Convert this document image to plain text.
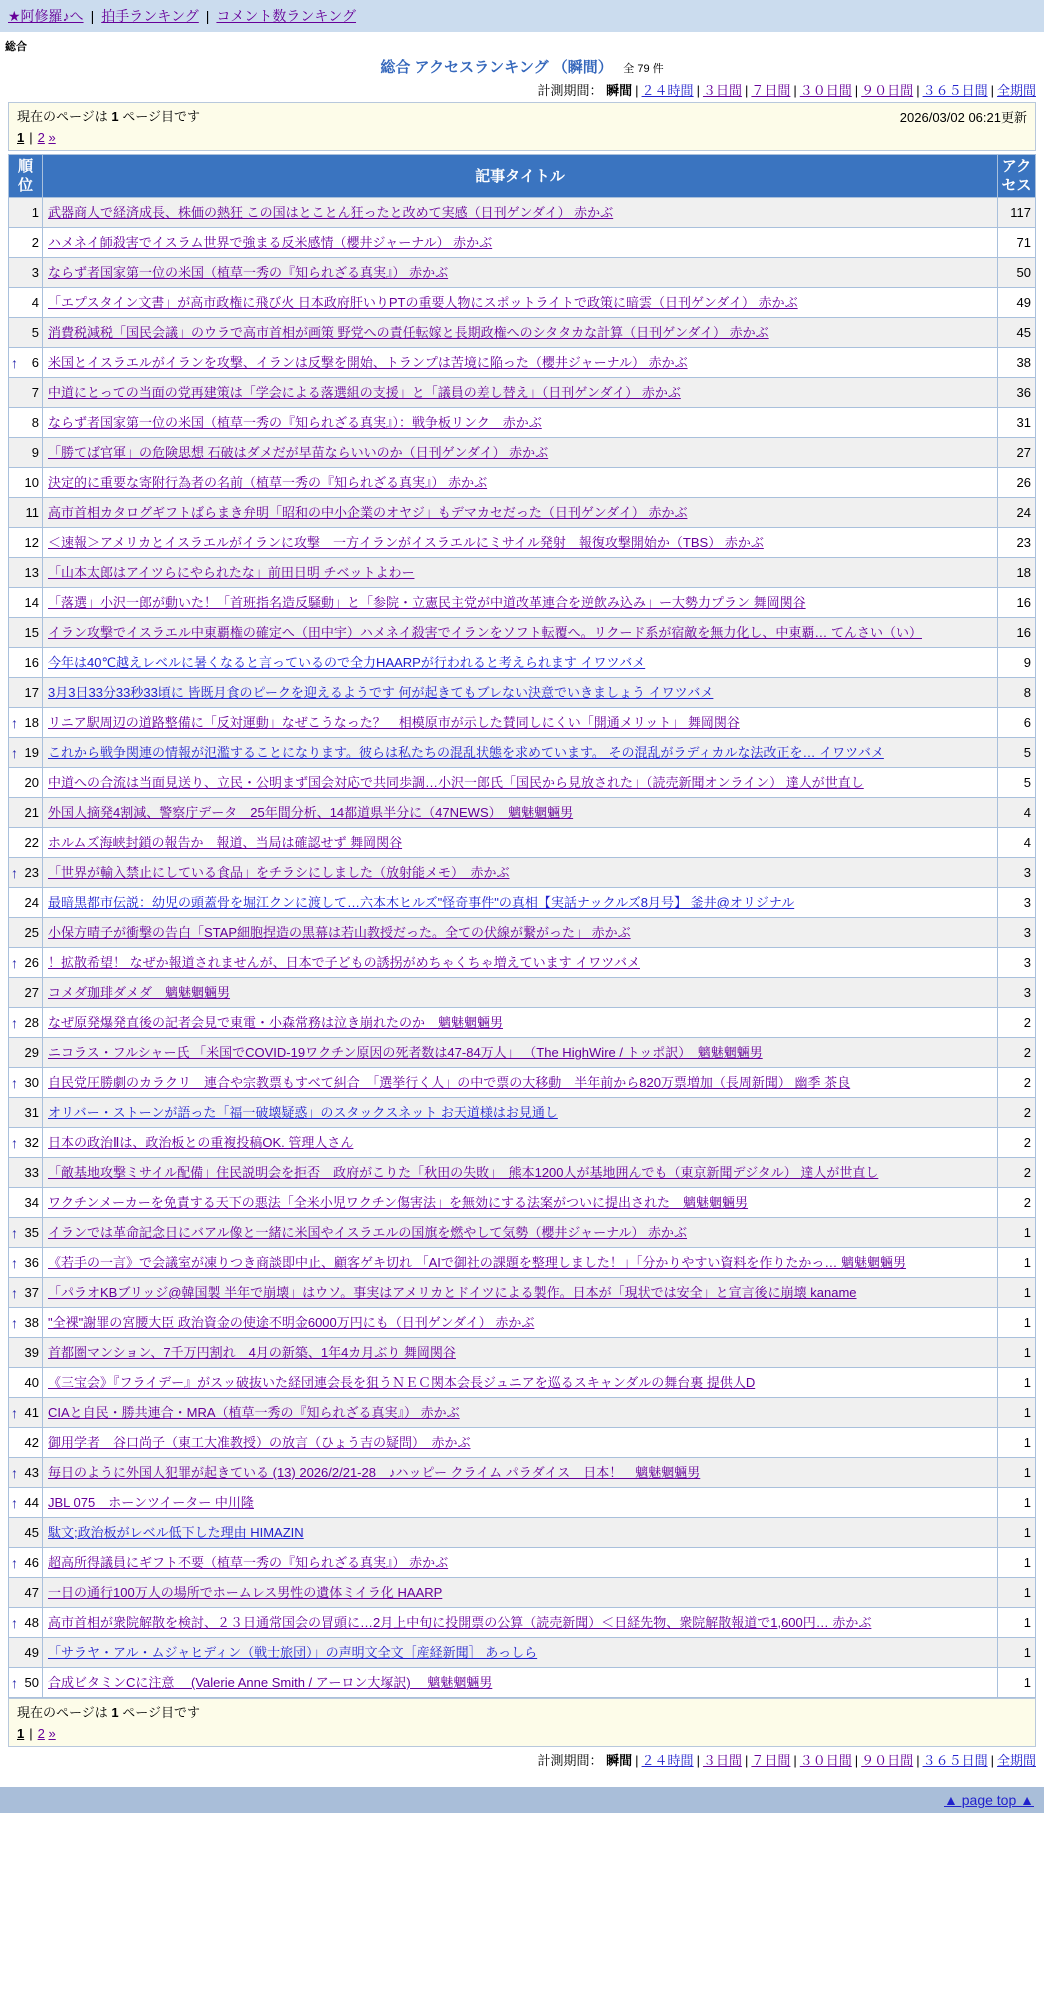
★阿修羅♪へ | 拍手ランキング | コメント数ランキング
総合
総合 アクセスランキング （瞬間） 全 79 件
計測期間： 瞬間 | ２４時間 | ３日間 | ７日間 | ３０日間 | ９０日間 | ３６５日間 | 全期間
現在のページは 1 ページ目です	2026/03/02 06:21更新
1 | 2 »
順位	記事タイトル	アクセス

1	武器商人で経済成長、株価の熱狂 この国はとことん狂ったと改めて実感（日刊ゲンダイ） 赤かぶ	117

2	ハメネイ師殺害でイスラム世界で強まる反米感情（櫻井ジャーナル） 赤かぶ	71

3	ならず者国家第一位の米国（植草一秀の『知られざる真実』） 赤かぶ	50

4	「エプスタイン文書」が高市政権に飛び火 日本政府肝いりPTの重要人物にスポットライトで政策に暗雲（日刊ゲンダイ） 赤かぶ	49

5	消費税減税「国民会議」のウラで高市首相が画策 野党への責任転嫁と長期政権へのシタタカな計算（日刊ゲンダイ） 赤かぶ	45

↑ 6	米国とイスラエルがイランを攻撃、イランは反撃を開始、トランプは苦境に陥った（櫻井ジャーナル） 赤かぶ	38

7	中道にとっての当面の党再建策は「学会による落選組の支援」と「議員の差し替え」（日刊ゲンダイ） 赤かぶ	36

8	ならず者国家第一位の米国（植草一秀の『知られざる真実』）：戦争板リンク　赤かぶ	31

9	「勝てば官軍」の危険思想 石破はダメだが早苗ならいいのか（日刊ゲンダイ） 赤かぶ	27

10	決定的に重要な寄附行為者の名前（植草一秀の『知られざる真実』） 赤かぶ	26

11	高市首相カタログギフトばらまき弁明「昭和の中小企業のオヤジ」もデマカセだった（日刊ゲンダイ） 赤かぶ	24

12	＜速報＞アメリカとイスラエルがイランに攻撃　一方イランがイスラエルにミサイル発射　報復攻撃開始か（TBS） 赤かぶ	23

13	「山本太郎はアイツらにやられたな」前田日明 チベットよわー	18

14	「落選」小沢一郎が動いた！「首班指名造反騒動」と「参院・立憲民主党が中道改革連合を逆飲み込み」ー大勢力プラン 舞岡関谷	16

15	イラン攻撃でイスラエル中東覇権の確定へ（田中宇）ハメネイ殺害でイランをソフト転覆へ。リクード系が宿敵を無力化し、中東覇… てんさい（い）	16

16	今年は40℃越えレベルに暑くなると言っているので全力HAARPが行われると考えられます イワツバメ	9

17	3月3日33分33秒33頃に 皆既月食のピークを迎えるようです 何が起きてもブレない決意でいきましょう イワツバメ	8

↑ 18	リニア駅周辺の道路整備に「反対運動」なぜこうなった？　相模原市が示した賛同しにくい「開通メリット」 舞岡関谷	6

↑ 19	これから戦争関連の情報が氾濫することになります。彼らは私たちの混乱状態を求めています。 その混乱がラディカルな法改正を… イワツバメ	5

20	中道への合流は当面見送り、立民・公明まず国会対応で共同歩調…小沢一郎氏「国民から見放された」（読売新聞オンライン） 達人が世直し	5

21	外国人摘発4割減、警察庁データ　25年間分析、14都道県半分に（47NEWS）　魑魅魍魎男	4

22	ホルムズ海峡封鎖の報告か　報道、当局は確認せず 舞岡関谷	4

↑ 23	「世界が輸入禁止にしている食品」をチラシにしました（放射能メモ）　赤かぶ	3

24	最暗黒都市伝説：幼児の頭蓋骨を堀江クンに渡して…六本木ヒルズ"怪奇事件"の真相【実話ナックルズ8月号】 釜井@オリジナル	3

25	小保方晴子が衝撃の告白「STAP細胞捏造の黒幕は若山教授だった。全ての伏線が繋がった」 赤かぶ	3

↑ 26	！拡散希望！ なぜか報道されませんが、日本で子どもの誘拐がめちゃくちゃ増えています イワツバメ	3

27	コメダ珈琲ダメダ　魑魅魍魎男	3

↑ 28	なぜ原発爆発直後の記者会見で東電・小森常務は泣き崩れたのか　魑魅魍魎男	2

29	ニコラス・フルシャー氏 「米国でCOVID-19ワクチン原因の死者数は47-84万人」 （The HighWire / トッポ訳）　魑魅魍魎男	2

↑ 30	自民党圧勝劇のカラクリ　連合や宗教票もすべて糾合　「選挙行く人」の中で票の大移動　半年前から820万票増加（長周新聞） 幽季 茶良	2

31	オリバー・ストーンが語った「福一破壊疑惑」のスタックスネット お天道様はお見通し	2

↑ 32	日本の政治Ⅱは、政治板との重複投稿OK. 管理人さん	2

33	「敵基地攻撃ミサイル配備」住民説明会を拒否　政府がこりた「秋田の失敗」　熊本1200人が基地囲んでも（東京新聞デジタル） 達人が世直し	2

34	ワクチンメーカーを免責する天下の悪法「全米小児ワクチン傷害法」を無効にする法案がついに提出された　魑魅魍魎男	2

↑ 35	イランでは革命記念日にバアル像と一緒に米国やイスラエルの国旗を燃やして気勢（櫻井ジャーナル） 赤かぶ	1

↑ 36	《若手の一言》で会議室が凍りつき商談即中止、顧客ゲキ切れ 「AIで御社の課題を整理しました！」「分かりやすい資料を作りたかっ… 魑魅魍魎男	1

↑ 37	「パラオKBブリッジ@韓国製 半年で崩壊」はウソ。事実はアメリカとドイツによる製作。日本が「現状では安全」と宣言後に崩壊 kaname	1

↑ 38	"全裸"謝罪の宮腰大臣 政治資金の使途不明金6000万円にも（日刊ゲンダイ） 赤かぶ	1

39	首都圏マンション、7千万円割れ　4月の新築、1年4カ月ぶり 舞岡関谷	1

40	《三宝会》『フライデー』がスッ破抜いた経団連会長を狙うＮＥＣ関本会長ジュニアを巡るスキャンダルの舞台裏 提供人D	1

↑ 41	CIAと自民・勝共連合・MRA（植草一秀の『知られざる真実』） 赤かぶ	1

42	御用学者　谷口尚子（東工大准教授）の放言（ひょう吉の疑問）　赤かぶ	1

↑ 43	毎日のように外国人犯罪が起きている (13) 2026/2/21-28　♪ハッピー クライム パラダイス　日本！　魑魅魍魎男	1

↑ 44	JBL 075　ホーンツイーター 中川隆	1

45	駄文;政治板がレベル低下した理由 HIMAZIN	1

↑ 46	超高所得議員にギフト不要（植草一秀の『知られざる真実』） 赤かぶ	1

47	一日の通行100万人の場所でホームレス男性の遺体ミイラ化 HAARP	1

↑ 48	高市首相が衆院解散を検討、２３日通常国会の冒頭に…2月上中旬に投開票の公算（読売新聞）＜日経先物、衆院解散報道で1,600円… 赤かぶ	1

49	「サラヤ・アル・ムジャヒディン（戦士旅団）」の声明文全文［産経新聞］ あっしら	1

↑ 50	合成ビタミンCに注意 　(Valerie Anne Smith / アーロン大塚訳)　 魑魅魍魎男	1
現在のページは 1 ページ目です
1 | 2 »
計測期間： 瞬間 | ２４時間 | ３日間 | ７日間 | ３０日間 | ９０日間 | ３６５日間 | 全期間
▲ page top ▲
